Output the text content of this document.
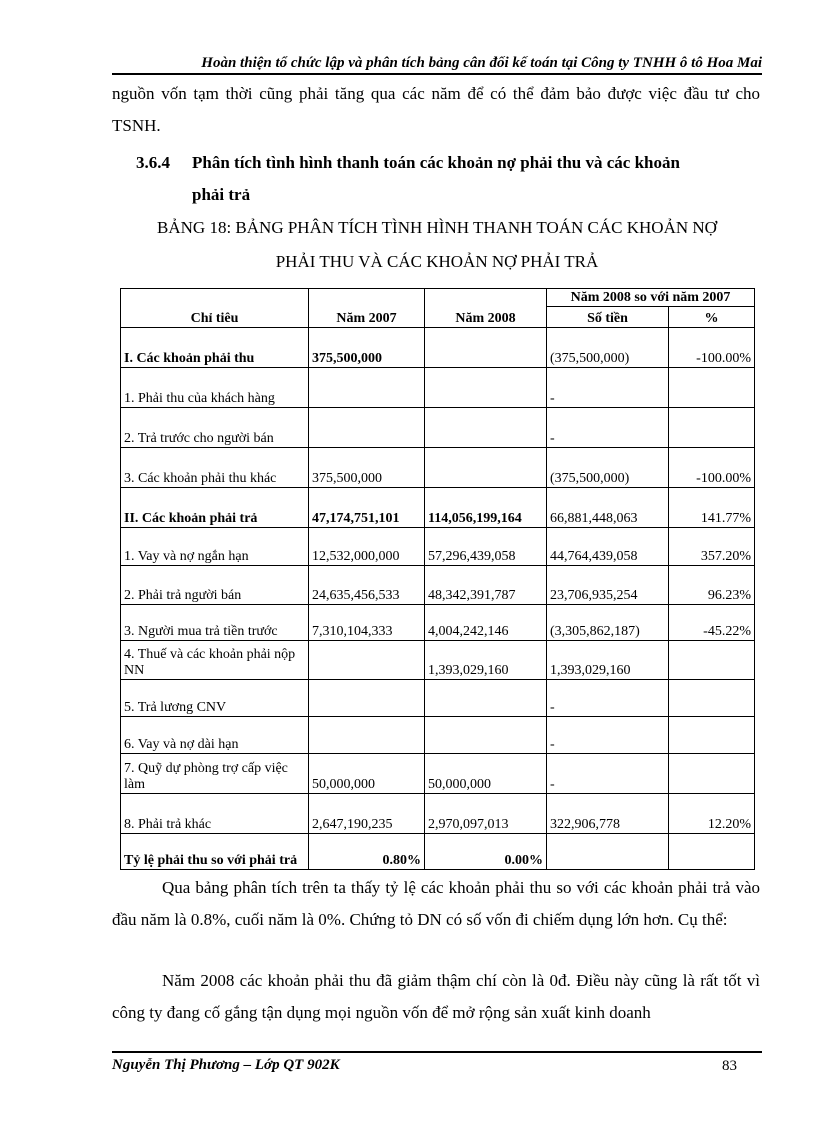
Hoàn thiện tổ chức lập và phân tích bảng cân đối kế toán tại Công ty TNHH ô tô Hoa Mai

nguồn vốn tạm thời cũng phải tăng qua các năm để có thể đảm bảo được việc đầu tư cho TSNH.

3.6.4 Phân tích tình hình thanh toán các khoản nợ phải thu và các khoản
phải trả

BẢNG 18: BẢNG PHÂN TÍCH TÌNH HÌNH THANH TOÁN CÁC KHOẢN NỢ

PHẢI THU VÀ CÁC KHOẢN NỢ PHẢI TRẢ

Chỉ tiêu	Năm 2007	Năm 2008	Năm 2008 so với năm 2007	
			Số tiền	%
I. Các khoản phải thu	375,500,000		(375,500,000)	-100.00%
1. Phải thu của khách hàng			-	
2. Trả trước cho người bán			-	
3. Các khoản phải thu khác	375,500,000		(375,500,000)	-100.00%
II. Các khoản phải trả	47,174,751,101	114,056,199,164	66,881,448,063	141.77%
1. Vay và nợ ngắn hạn	12,532,000,000	57,296,439,058	44,764,439,058	357.20%
2. Phải trả người bán	24,635,456,533	48,342,391,787	23,706,935,254	96.23%
3. Người mua trả tiền trước	7,310,104,333	4,004,242,146	(3,305,862,187)	-45.22%
4. Thuế và các khoản phải nộp NN		1,393,029,160	1,393,029,160	
5. Trả lương CNV			-	
6. Vay và nợ dài hạn			-	
7. Quỹ dự phòng trợ cấp việc làm	50,000,000	50,000,000	-	
8. Phải trả khác	2,647,190,235	2,970,097,013	322,906,778	12.20%
Tỷ lệ phải thu so với phải trả	0.80%	0.00%		

Qua bảng phân tích trên ta thấy tỷ lệ các khoản phải thu so với các khoản phải trả vào đầu năm là 0.8%, cuối năm là 0%. Chứng tỏ DN có số vốn đi chiếm dụng lớn hơn. Cụ thể:

Năm 2008 các khoản phải thu đã giảm thậm chí còn là 0đ. Điều này cũng là rất tốt vì công ty đang cố gắng tận dụng mọi nguồn vốn để mở rộng sản xuất kinh doanh

Nguyễn Thị Phương – Lớp QT 902K	83
